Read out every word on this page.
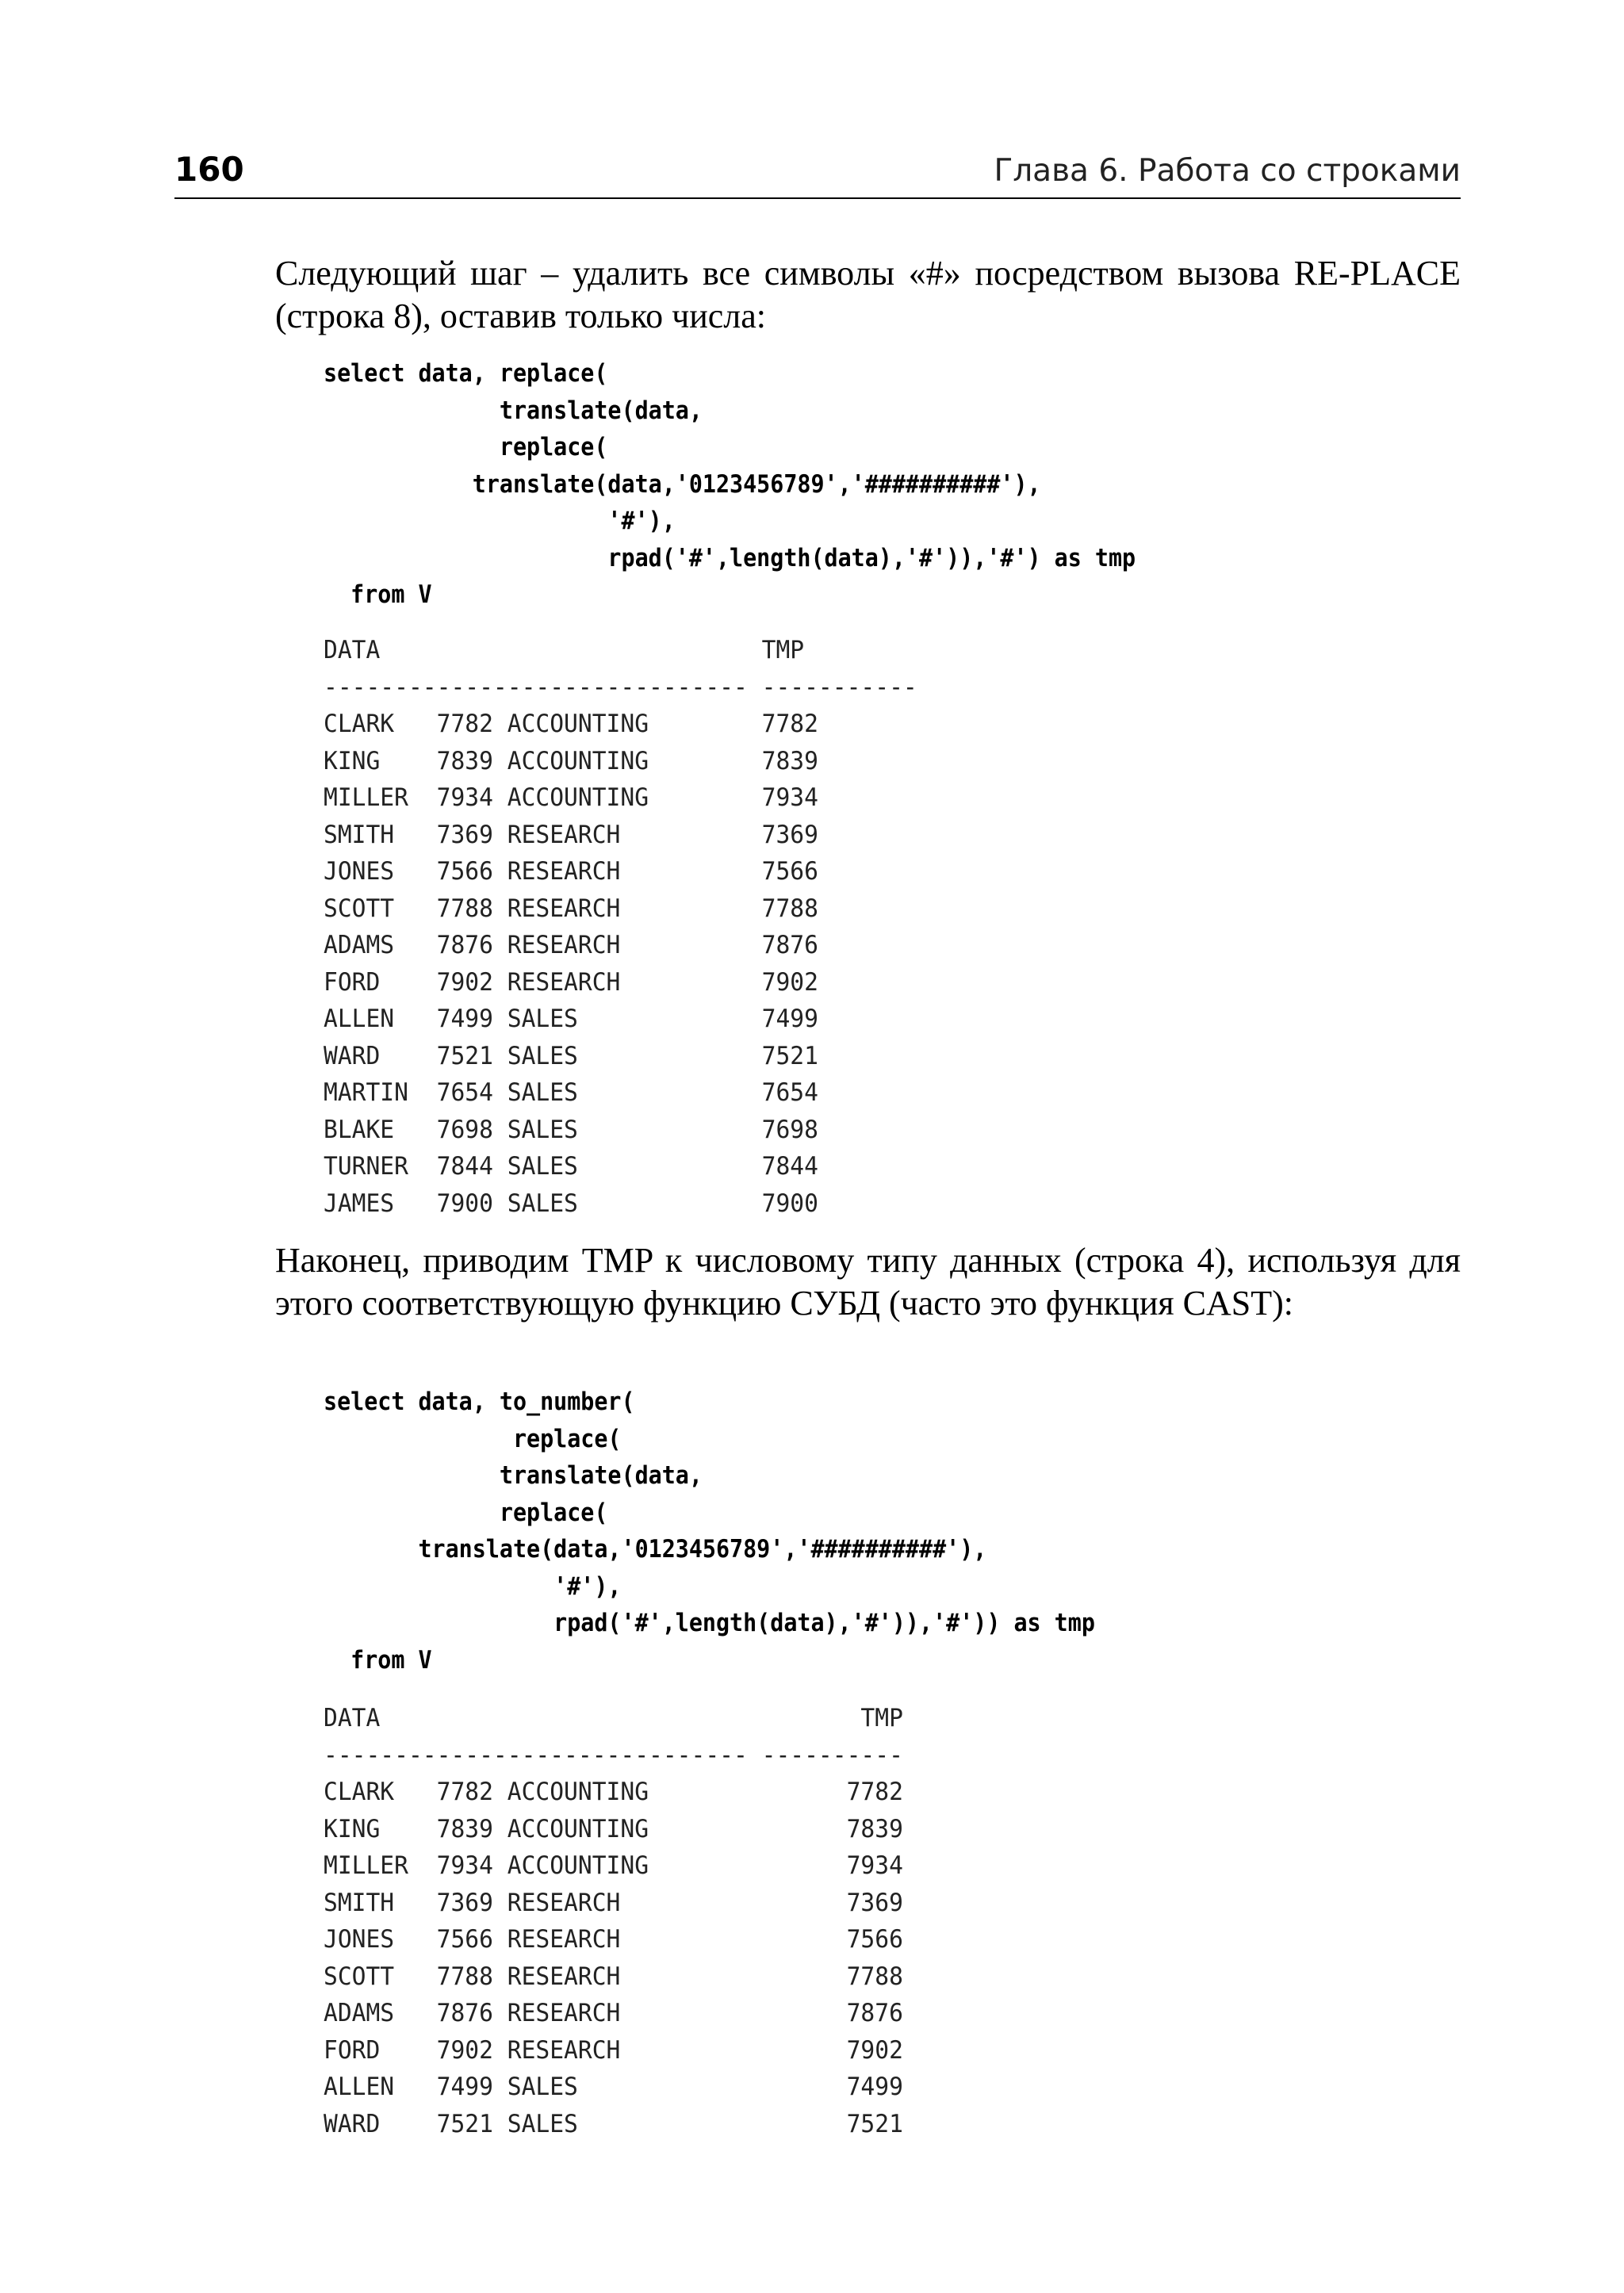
160	Глава 6. Работа со строками

Следующий шаг – удалить все символы «#» посредством вызова RE-PLACE (строка 8), оставив только числа:

select data, replace(
translate(data,
replace(
translate(data,'0123456789','##########'),
'#'),
rpad('#',length(data),'#')),'#') as tmp
from V
DATA                           TMP
------------------------------ -----------
CLARK   7782 ACCOUNTING        7782
KING    7839 ACCOUNTING        7839
MILLER  7934 ACCOUNTING        7934
SMITH   7369 RESEARCH          7369
JONES   7566 RESEARCH          7566
SCOTT   7788 RESEARCH          7788
ADAMS   7876 RESEARCH          7876
FORD    7902 RESEARCH          7902
ALLEN   7499 SALES             7499
WARD    7521 SALES             7521
MARTIN  7654 SALES             7654
BLAKE   7698 SALES             7698
TURNER  7844 SALES             7844
JAMES   7900 SALES             7900

Наконец, приводим TMP к числовому типу данных (строка 4), используя для этого соответствующую функцию СУБД (часто это функция CAST):

select data, to_number(
replace(
translate(data,
replace(
translate(data,'0123456789','##########'),
'#'),
rpad('#',length(data),'#')),'#')) as tmp
from V
DATA                                  TMP
------------------------------ ----------
CLARK   7782 ACCOUNTING              7782
KING    7839 ACCOUNTING              7839
MILLER  7934 ACCOUNTING              7934
SMITH   7369 RESEARCH                7369
JONES   7566 RESEARCH                7566
SCOTT   7788 RESEARCH                7788
ADAMS   7876 RESEARCH                7876
FORD    7902 RESEARCH                7902
ALLEN   7499 SALES                   7499
WARD    7521 SALES                   7521
